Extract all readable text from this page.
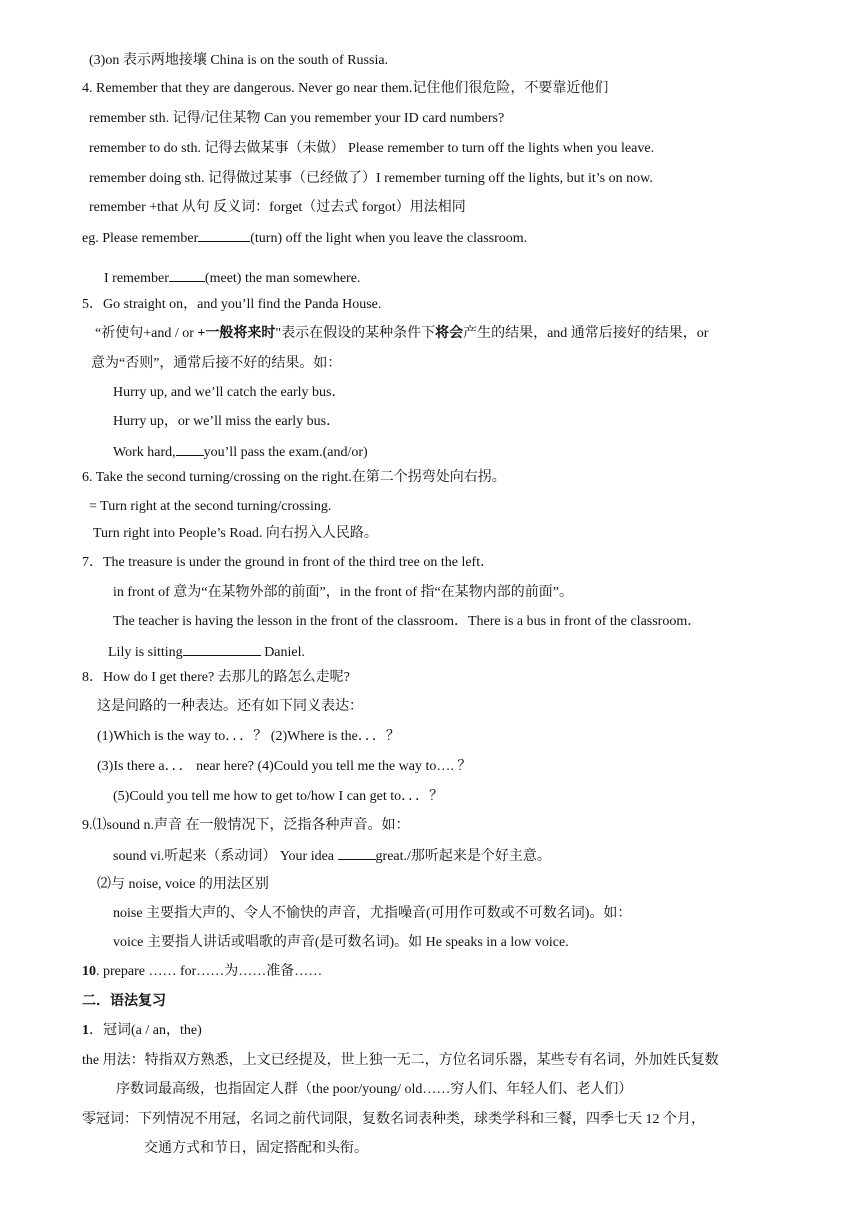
(3)on 表示两地接壤 China is on the south of Russia.
4. Remember that they are dangerous. Never go near them.记住他们很危险，不要靠近他们
remember sth. 记得/记住某物 Can you remember your ID card numbers?
remember to do sth. 记得去做某事（未做） Please remember to turn off the lights when you leave.
remember doing sth. 记得做过某事（已经做了）I remember turning off the lights, but it’s on now.
remember +that 从句 反义词：forget（过去式 forgot）用法相同
eg. Please remember	(turn) off the light when you leave the classroom.
I remember	(meet) the man somewhere.
5．Go straight on，and you’ll find the Panda House.
“祈使句+and / or +一般将来时"表示在假设的某种条件下将会产生的结果，and 通常后接好的结果，or
意为“否则”，通常后接不好的结果。如：
Hurry up, and we’ll catch the early bus．
Hurry up，or we’ll miss the early bus．
Work hard, you’ll pass the exam.(and/or)
6. Take the second turning/crossing on the right.在第二个拐弯处向右拐。
= Turn right at the second turning/crossing.
Turn right into People’s Road. 向右拐入人民路。
7．The treasure is under the ground in front of the third tree on the left．
in front of 意为“在某物外部的前面”，in the front of 指“在某物内部的前面”。
The teacher is having the lesson in the front of the classroom．There is a bus in front of the classroom．
Lily is sitting	Daniel.
8．How do I get there? 去那儿的路怎么走呢?
这是问路的一种表达。还有如下同义表达：
(1)Which is the way to．．．？ (2)Where is the．．．？
(3)Is there a．．． near here? (4)Could you tell me the way to…. ？
(5)Could you tell me how to get to/how I can get to．．．？
9.⑴sound n.声音 在一般情况下，泛指各种声音。如：
sound vi.听起来（系动词） Your idea	great./那听起来是个好主意。
⑵与 noise, voice 的用法区别
noise 主要指大声的、令人不愉快的声音，尤指噪音(可用作可数或不可数名词)。如：
voice 主要指人讲话或唱歌的声音(是可数名词)。如 He speaks in a low voice.
10. prepare …… for……为……准备……
二．语法复习
1．冠词(a / an，the)
the 用法：特指双方熟悉，上文已经提及，世上独一无二，方位名词乐器，某些专有名词，外加姓氏复数
序数词最高级，也指固定人群（the poor/young/ old……穷人们、年轻人们、老人们）
零冠词：下列情况不用冠，名词之前代词限，复数名词表种类，球类学科和三餐，四季七天 12 个月，
交通方式和节日，固定搭配和头衔。
